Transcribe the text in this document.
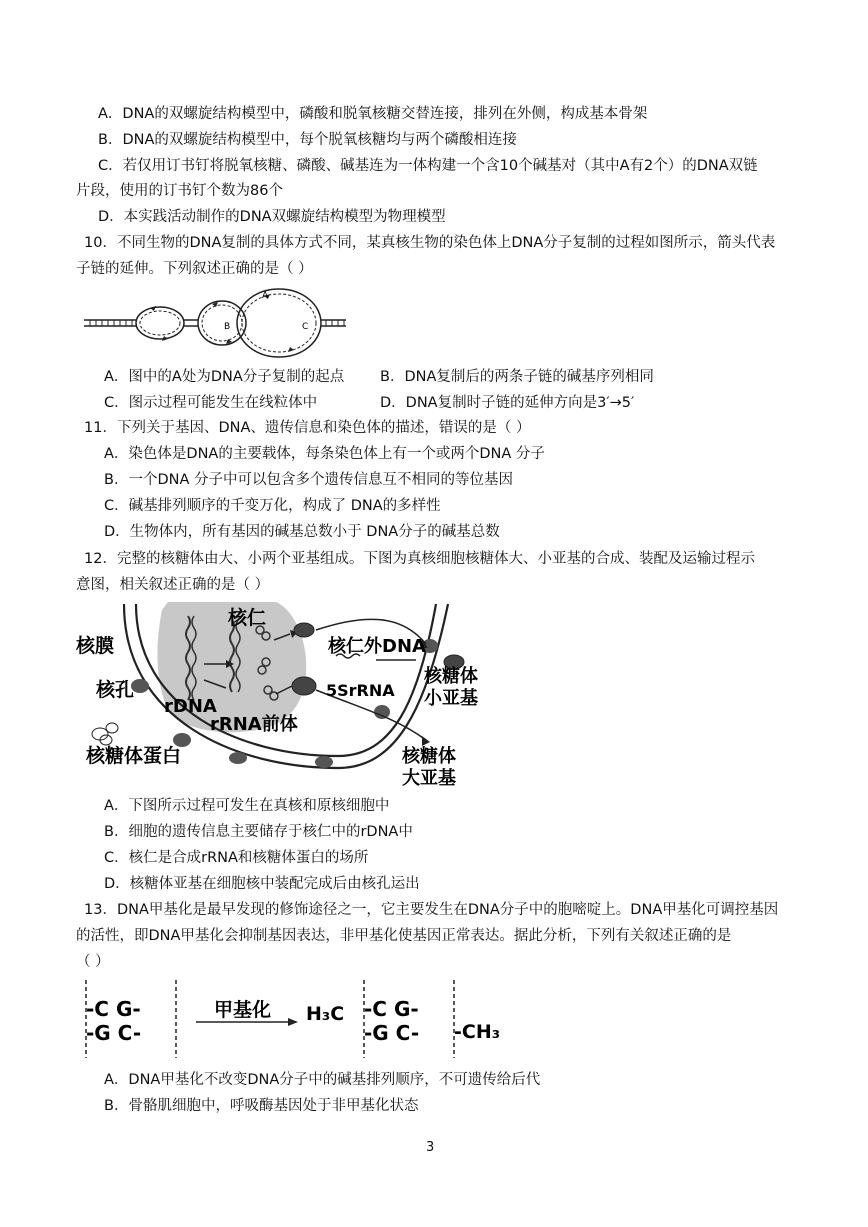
A．DNA的双螺旋结构模型中，磷酸和脱氧核糖交替连接，排列在外侧，构成基本骨架
B．DNA的双螺旋结构模型中，每个脱氧核糖均与两个磷酸相连接
C．若仅用订书钉将脱氧核糖、磷酸、碱基连为一体构建一个含10个碱基对（其中A有2个）的DNA双链
片段，使用的订书钉个数为86个
D．本实践活动制作的DNA双螺旋结构模型为物理模型
10．不同生物的DNA复制的具体方式不同，某真核生物的染色体上DNA分子复制的过程如图所示，箭头代表
子链的延伸。下列叙述正确的是（ ）
A
B	C
A．图中的A处为DNA分子复制的起点 B．DNA复制后的两条子链的碱基序列相同
C．图示过程可能发生在线粒体中	D．DNA复制时子链的延伸方向是3′→5′
11．下列关于基因、DNA、遗传信息和染色体的描述，错误的是（ ）
A．染色体是DNA的主要载体，每条染色体上有一个或两个DNA 分子
B．一个DNA 分子中可以包含多个遗传信息互不相同的等位基因
C．碱基排列顺序的千变万化，构成了 DNA的多样性
D．生物体内，所有基因的碱基总数小于 DNA分子的碱基总数
12．完整的核糖体由大、小两个亚基组成。下图为真核细胞核糖体大、小亚基的合成、装配及运输过程示
意图，相关叙述正确的是（ ）
核膜
核孔
核仁
rDNA
rRNA前体
核糖体蛋白
核仁外DNA
5SrRNA
核糖体
小亚基
核糖体
大亚基
A．下图所示过程可发生在真核和原核细胞中
B．细胞的遗传信息主要储存于核仁中的rDNA中
C．核仁是合成rRNA和核糖体蛋白的场所
D．核糖体亚基在细胞核中装配完成后由核孔运出
13．DNA甲基化是最早发现的修饰途径之一，它主要发生在DNA分子中的胞嘧啶上。DNA甲基化可调控基因
的活性，即DNA甲基化会抑制基因表达，非甲基化使基因正常表达。据此分析，下列有关叙述正确的是
（ ）
-C G-
-G C-
甲基化 H₃C -C G-
-G C- -CH₃
A．DNA甲基化不改变DNA分子中的碱基排列顺序，不可遗传给后代
B．骨骼肌细胞中，呼吸酶基因处于非甲基化状态
3
